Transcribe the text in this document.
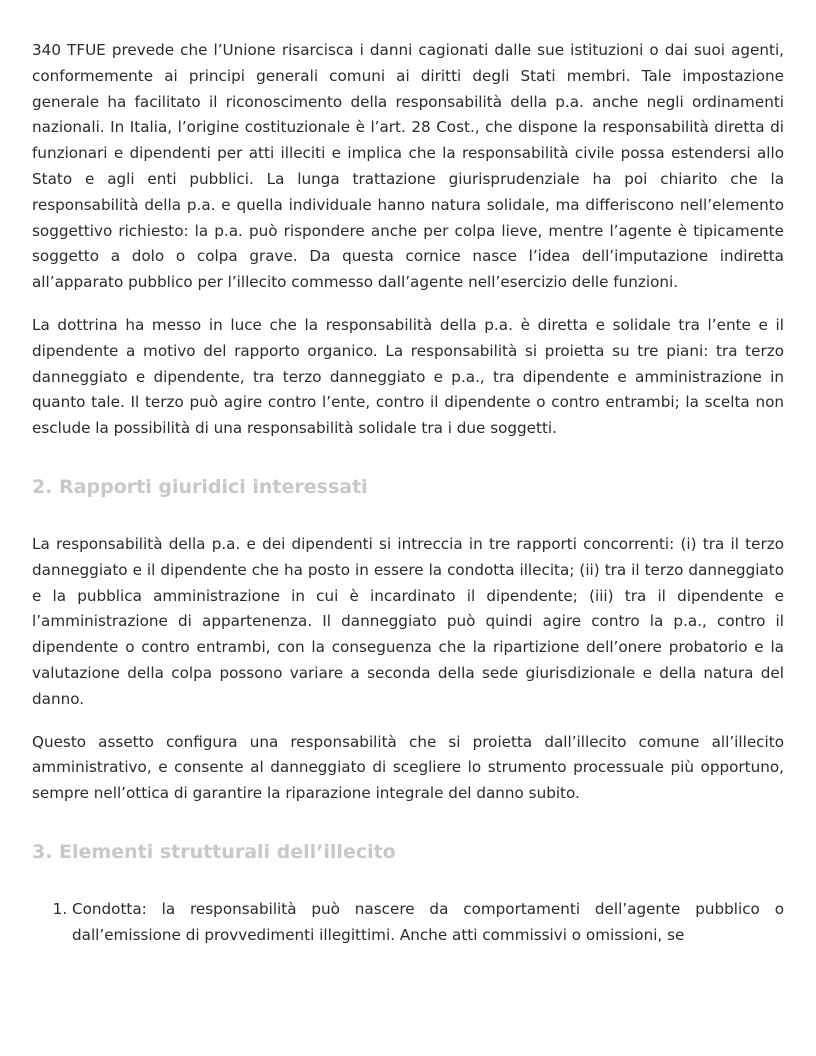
340 TFUE prevede che l’Unione risarcisca i danni cagionati dalle sue istituzioni o dai suoi agenti, conformemente ai principi generali comuni ai diritti degli Stati membri. Tale impostazione generale ha facilitato il riconoscimento della responsabilità della p.a. anche negli ordinamenti nazionali. In Italia, l’origine costituzionale è l’art. 28 Cost., che dispone la responsabilità diretta di funzionari e dipendenti per atti illeciti e implica che la responsabilità civile possa estendersi allo Stato e agli enti pubblici. La lunga trattazione giurisprudenziale ha poi chiarito che la responsabilità della p.a. e quella individuale hanno natura solidale, ma differiscono nell’elemento soggettivo richiesto: la p.a. può rispondere anche per colpa lieve, mentre l’agente è tipicamente soggetto a dolo o colpa grave. Da questa cornice nasce l’idea dell’imputazione indiretta all’apparato pubblico per l’illecito commesso dall’agente nell’esercizio delle funzioni.

La dottrina ha messo in luce che la responsabilità della p.a. è diretta e solidale tra l’ente e il dipendente a motivo del rapporto organico. La responsabilità si proietta su tre piani: tra terzo danneggiato e dipendente, tra terzo danneggiato e p.a., tra dipendente e amministrazione in quanto tale. Il terzo può agire contro l’ente, contro il dipendente o contro entrambi; la scelta non esclude la possibilità di una responsabilità solidale tra i due soggetti.

2. Rapporti giuridici interessati

La responsabilità della p.a. e dei dipendenti si intreccia in tre rapporti concorrenti: (i) tra il terzo danneggiato e il dipendente che ha posto in essere la condotta illecita; (ii) tra il terzo danneggiato e la pubblica amministrazione in cui è incardinato il dipendente; (iii) tra il dipendente e l’amministrazione di appartenenza. Il danneggiato può quindi agire contro la p.a., contro il dipendente o contro entrambi, con la conseguenza che la ripartizione dell’onere probatorio e la valutazione della colpa possono variare a seconda della sede giurisdizionale e della natura del danno.

Questo assetto configura una responsabilità che si proietta dall’illecito comune all’illecito amministrativo, e consente al danneggiato di scegliere lo strumento processuale più opportuno, sempre nell’ottica di garantire la riparazione integrale del danno subito.

3. Elementi strutturali dell’illecito
1. Condotta: la responsabilità può nascere da comportamenti dell’agente pubblico o dall’emissione di provvedimenti illegittimi. Anche atti commissivi o omissioni, se
